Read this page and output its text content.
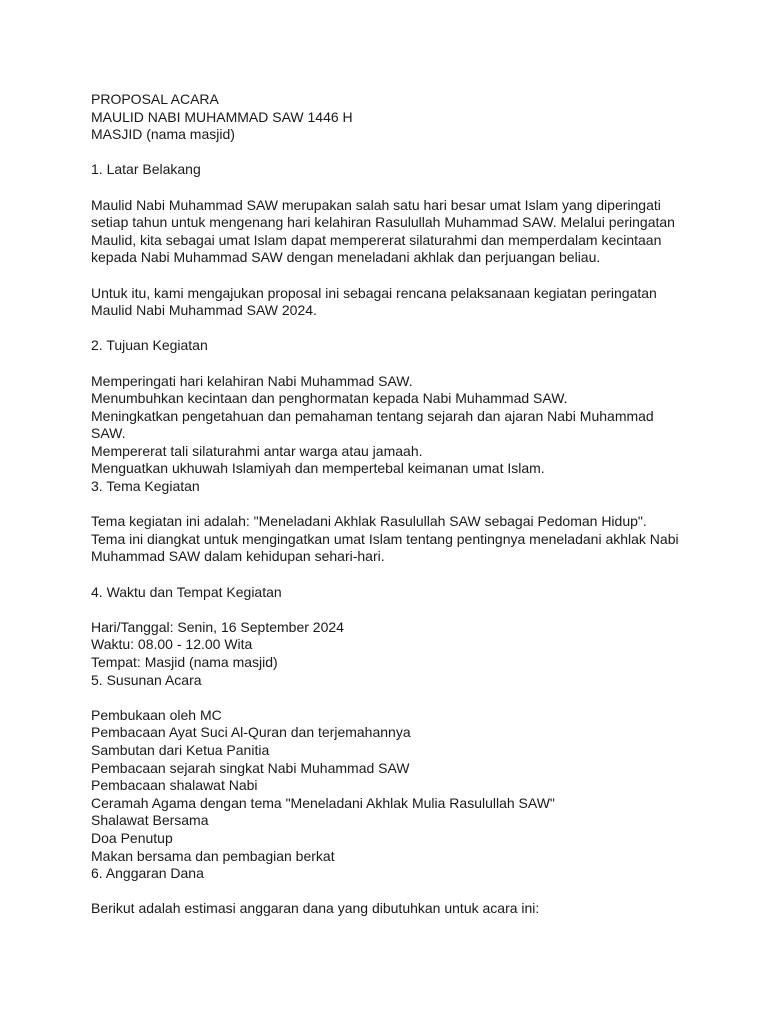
PROPOSAL ACARA
MAULID NABI MUHAMMAD SAW 1446 H
MASJID (nama masjid)
1. Latar Belakang
Maulid Nabi Muhammad SAW merupakan salah satu hari besar umat Islam yang diperingati
setiap tahun untuk mengenang hari kelahiran Rasulullah Muhammad SAW. Melalui peringatan
Maulid, kita sebagai umat Islam dapat mempererat silaturahmi dan memperdalam kecintaan
kepada Nabi Muhammad SAW dengan meneladani akhlak dan perjuangan beliau.
Untuk itu, kami mengajukan proposal ini sebagai rencana pelaksanaan kegiatan peringatan
Maulid Nabi Muhammad SAW 2024.
2. Tujuan Kegiatan
Memperingati hari kelahiran Nabi Muhammad SAW.
Menumbuhkan kecintaan dan penghormatan kepada Nabi Muhammad SAW.
Meningkatkan pengetahuan dan pemahaman tentang sejarah dan ajaran Nabi Muhammad
SAW.
Mempererat tali silaturahmi antar warga atau jamaah.
Menguatkan ukhuwah Islamiyah dan mempertebal keimanan umat Islam.
3. Tema Kegiatan
Tema kegiatan ini adalah: "Meneladani Akhlak Rasulullah SAW sebagai Pedoman Hidup".
Tema ini diangkat untuk mengingatkan umat Islam tentang pentingnya meneladani akhlak Nabi
Muhammad SAW dalam kehidupan sehari-hari.
4. Waktu dan Tempat Kegiatan
Hari/Tanggal: Senin, 16 September 2024
Waktu: 08.00 - 12.00 Wita
Tempat: Masjid (nama masjid)
5. Susunan Acara
Pembukaan oleh MC
Pembacaan Ayat Suci Al-Quran dan terjemahannya
Sambutan dari Ketua Panitia
Pembacaan sejarah singkat Nabi Muhammad SAW
Pembacaan shalawat Nabi
Ceramah Agama dengan tema "Meneladani Akhlak Mulia Rasulullah SAW"
Shalawat Bersama
Doa Penutup
Makan bersama dan pembagian berkat
6. Anggaran Dana
Berikut adalah estimasi anggaran dana yang dibutuhkan untuk acara ini:
